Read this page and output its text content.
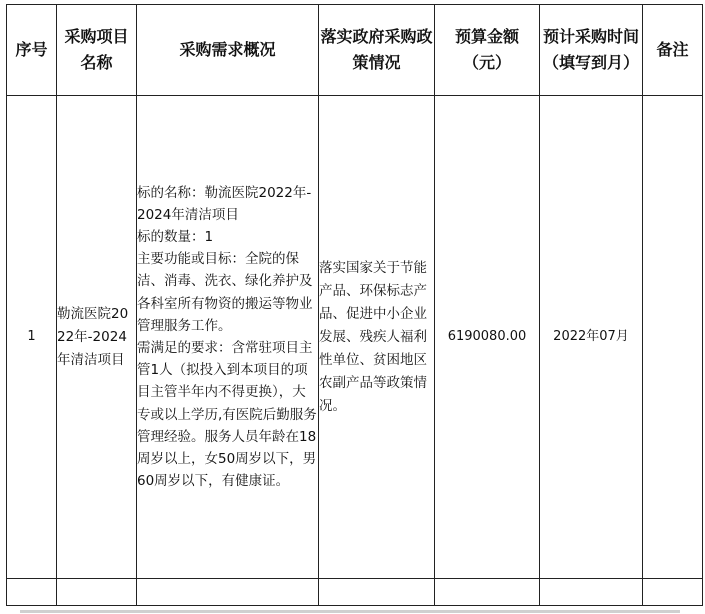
序号	采购项目名称	采购需求概况	落实政府采购政策情况	预算金额（元）	预计采购时间（填写到月）	备注
1	勒流医院2022年-2024年清洁项目	标的名称：勒流医院2022年-2024年清洁项目
标的数量：1
主要功能或目标：全院的保洁、消毒、洗衣、绿化养护及各科室所有物资的搬运等物业管理服务工作。
需满足的要求：含常驻项目主管1人（拟投入到本项目的项目主管半年内不得更换），大专或以上学历,有医院后勤服务管理经验。服务人员年龄在18周岁以上，女50周岁以下，男60周岁以下，有健康证。	落实国家关于节能产品、环保标志产品、促进中小企业发展、残疾人福利性单位、贫困地区农副产品等政策情况。	6190080.00	2022年07月	
